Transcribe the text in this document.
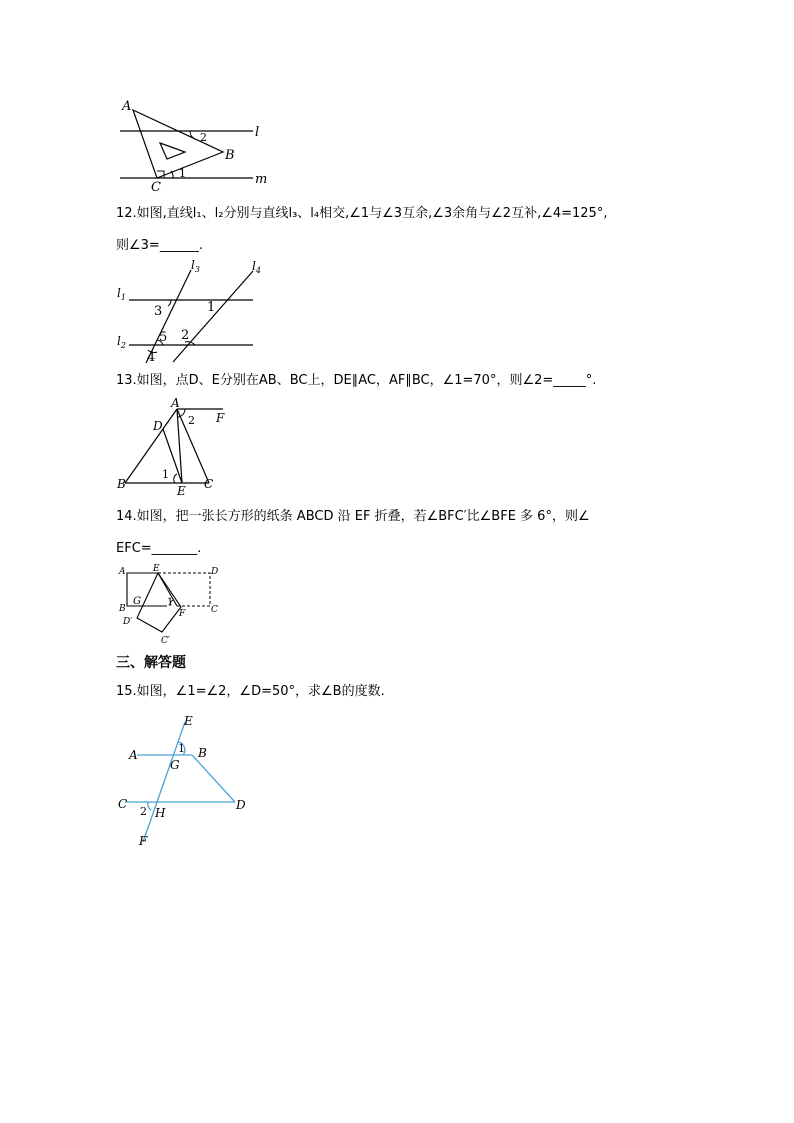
A
B
C
l
m
1
2
12.如图,直线l₁、l₂分别与直线l₃、l₄相交,∠1与∠3互余,∠3余角与∠2互补,∠4=125°,
则∠3=______.
$l_1$
$l_2$
$l_3$	$l_4$
1
3
5 2
4
13.如图，点D、E分别在AB、BC上，DE∥AC，AF∥BC，∠1=70°，则∠2=_____°.
A
F
D
B	E C
1
2
14.如图，把一张长方形的纸条 ABCD 沿 EF 折叠，若∠BFC′比∠BFE 多 6°，则∠
EFC=_______.
A	E	D
B
G	1
F	C
D′
C′
三、解答题
15.如图，∠1=∠2，∠D=50°，求∠B的度数.
E
A	1 B
G
C
2 H
D
F
